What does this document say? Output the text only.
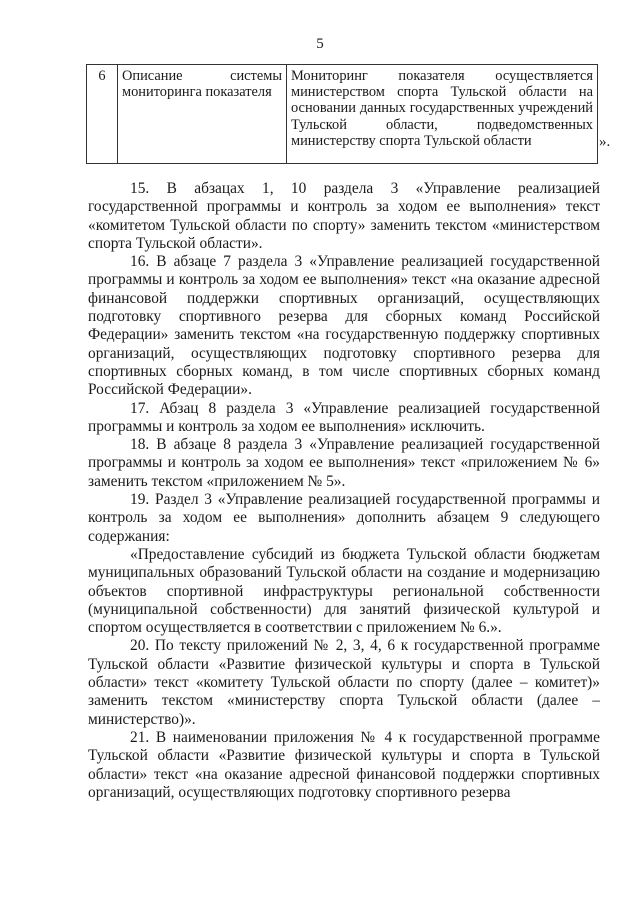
5
6	Описание системы мониторинга показателя	Мониторинг показателя осуществляется министерством спорта Тульской области на основании данных государственных учреждений Тульской области, подведомственных министерству спорта Тульской области	».

15. В абзацах 1, 10 раздела 3 «Управление реализацией государственной программы и контроль за ходом ее выполнения» текст «комитетом Тульской области по спорту» заменить текстом «министерством спорта Тульской области».

16. В абзаце 7 раздела 3 «Управление реализацией государственной программы и контроль за ходом ее выполнения» текст «на оказание адресной финансовой поддержки спортивных организаций, осуществляющих подготовку спортивного резерва для сборных команд Российской Федерации» заменить текстом «на государственную поддержку спортивных организаций, осуществляющих подготовку спортивного резерва для спортивных сборных команд, в том числе спортивных сборных команд Российской Федерации».

17. Абзац 8 раздела 3 «Управление реализацией государственной программы и контроль за ходом ее выполнения» исключить.

18. В абзаце 8 раздела 3 «Управление реализацией государственной программы и контроль за ходом ее выполнения» текст «приложением № 6» заменить текстом «приложением № 5».

19. Раздел 3 «Управление реализацией государственной программы и контроль за ходом ее выполнения» дополнить абзацем 9 следующего содержания:

«Предоставление субсидий из бюджета Тульской области бюджетам муниципальных образований Тульской области на создание и модернизацию объектов спортивной инфраструктуры региональной собственности (муниципальной собственности) для занятий физической культурой и спортом осуществляется в соответствии с приложением № 6.».

20. По тексту приложений № 2, 3, 4, 6 к государственной программе Тульской области «Развитие физической культуры и спорта в Тульской области» текст «комитету Тульской области по спорту (далее – комитет)» заменить текстом «министерству спорта Тульской области (далее – министерство)».

21. В наименовании приложения № 4 к государственной программе Тульской области «Развитие физической культуры и спорта в Тульской области» текст «на оказание адресной финансовой поддержки спортивных организаций, осуществляющих подготовку спортивного резерва
